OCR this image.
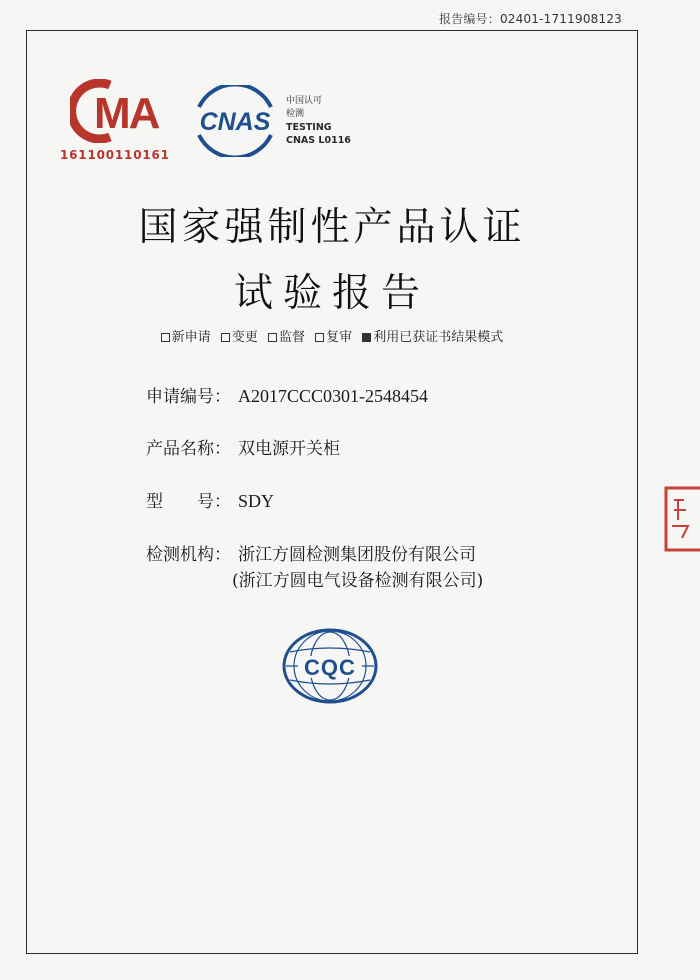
报告编号：02401-1711908123
MA
161100110161
CNAS
中国认可
检测
TESTING
CNAS L0116
国家强制性产品认证
试验报告
新申请 变更 监督 复审 利用已获证书结果模式
申请编号： A2017CCC0301-2548454
产品名称： 双电源开关柜
型　　号： SDY
检测机构： 浙江方圆检测集团股份有限公司
(浙江方圆电气设备检测有限公司)
CQC
